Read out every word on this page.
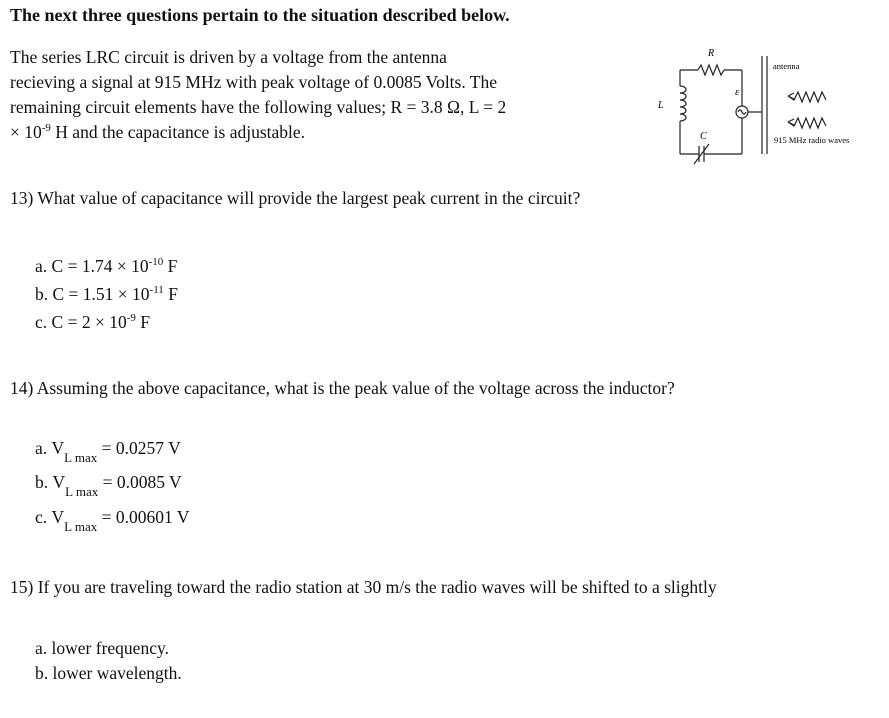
The next three questions pertain to the situation described below.
The series LRC circuit is driven by a voltage from the antenna
recieving a signal at 915 MHz with peak voltage of 0.0085 Volts. The
remaining circuit elements have the following values; R = 3.8 Ω, L = 2
× $10^{-9}$ H and the capacitance is adjustable.
R
L
C
ε
antenna
915 MHz radio waves
13) What value of capacitance will provide the largest peak current in the circuit?
a. $C = 1.74 \times 10^{-10}$ F
b. $C = 1.51 \times 10^{-11}$ F
c. $C = 2 \times 10^{-9}$ F
14) Assuming the above capacitance, what is the peak value of the voltage across the inductor?
a. $V_{L max} = 0.0257$ V
b. $V_{L max} = 0.0085$ V
c. $V_{L max} = 0.00601$ V
15) If you are traveling toward the radio station at 30 m/s the radio waves will be shifted to a slightly
a. lower frequency.
b. lower wavelength.
